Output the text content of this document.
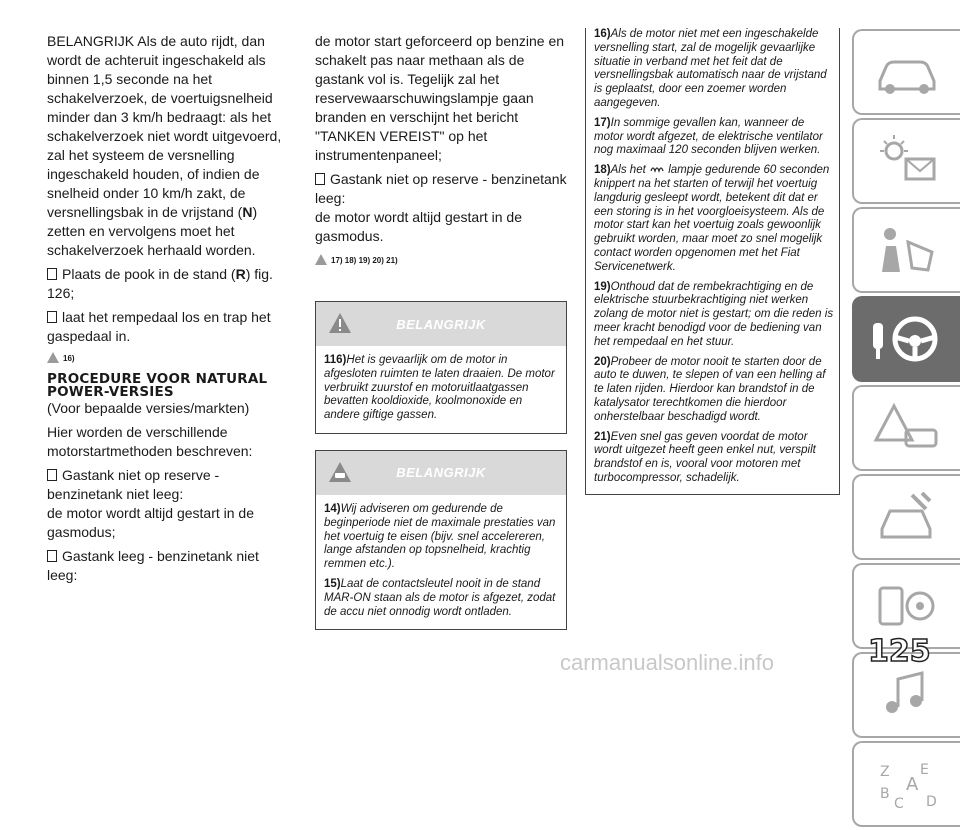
BELANGRIJK Als de auto rijdt, dan wordt de achteruit ingeschakeld als binnen 1,5 seconde na het schakelverzoek, de voertuigsnelheid minder dan 3 km/h bedraagt: als het schakelverzoek niet wordt uitgevoerd, zal het systeem de versnelling ingeschakeld houden, of indien de snelheid onder 10 km/h zakt, de versnellingsbak in de vrijstand (N) zetten en vervolgens moet het schakelverzoek herhaald worden.

Plaats de pook in de stand (R) fig. 126;

laat het rempedaal los en trap het gaspedaal in.

16)

PROCEDURE VOOR NATURAL POWER-VERSIES

(Voor bepaalde versies/markten)

Hier worden de verschillende motorstartmethoden beschreven:

Gastank niet op reserve - benzinetank niet leeg:

de motor wordt altijd gestart in de gasmodus;

Gastank leeg - benzinetank niet leeg:

de motor start geforceerd op benzine en schakelt pas naar methaan als de gastank vol is. Tegelijk zal het reservewaarschuwingslampje gaan branden en verschijnt het bericht "TANKEN VEREIST" op het instrumentenpaneel;

Gastank niet op reserve - benzinetank leeg:

de motor wordt altijd gestart in de gasmodus.

17) 18) 19) 20) 21)
BELANGRIJK

116)Het is gevaarlijk om de motor in afgesloten ruimten te laten draaien. De motor verbruikt zuurstof en motoruitlaatgassen bevatten kooldioxide, koolmonoxide en andere giftige gassen.

BELANGRIJK

14)Wij adviseren om gedurende de beginperiode niet de maximale prestaties van het voertuig te eisen (bijv. snel accelereren, lange afstanden op topsnelheid, krachtig remmen etc.).

15)Laat de contactsleutel nooit in de stand MAR-ON staan als de motor is afgezet, zodat de accu niet onnodig wordt ontladen.

16)Als de motor niet met een ingeschakelde versnelling start, zal de mogelijk gevaarlijke situatie in verband met het feit dat de versnellingsbak automatisch naar de vrijstand is geplaatst, door een zoemer worden aangegeven.

17)In sommige gevallen kan, wanneer de motor wordt afgezet, de elektrische ventilator nog maximaal 120 seconden blijven werken.

18)Als het lampje gedurende 60 seconden knippert na het starten of terwijl het voertuig langdurig gesleept wordt, betekent dit dat er een storing is in het voorgloeisysteem. Als de motor start kan het voertuig zoals gewoonlijk gebruikt worden, maar moet zo snel mogelijk contact worden opgenomen met het Fiat Servicenetwerk.

19)Onthoud dat de rembekrachtiging en de elektrische stuurbekrachtiging niet werken zolang de motor niet is gestart; om die reden is meer kracht benodigd voor de bediening van het rempedaal en het stuur.

20)Probeer de motor nooit te starten door de auto te duwen, te slepen of van een helling af te laten rijden. Hierdoor kan brandstof in de katalysator terechtkomen die hierdoor onherstelbaar beschadigd wordt.

21)Even snel gas geven voordat de motor wordt uitgezet heeft geen enkel nut, verspilt brandstof en is, vooral voor motoren met turbocompressor, schadelijk.

Z E
A
B
C D
125
carmanualsonline.info
